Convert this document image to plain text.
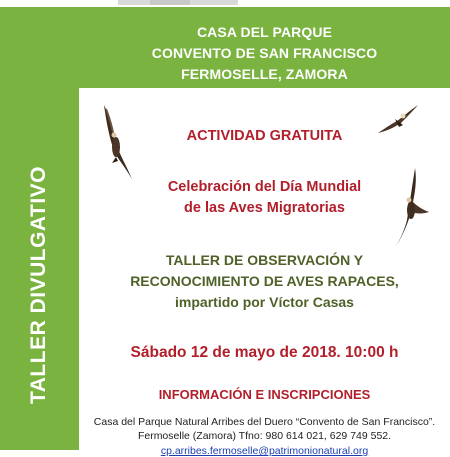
TALLER DIVULGATIVO
CASA DEL PARQUE
CONVENTO DE SAN FRANCISCO
FERMOSELLE, ZAMORA
ACTIVIDAD GRATUITA
Celebración del Día Mundial
de las Aves Migratorias
TALLER DE OBSERVACIÓN Y
RECONOCIMIENTO DE AVES RAPACES,
impartido por Víctor Casas
Sábado 12 de mayo de 2018. 10:00 h
INFORMACIÓN E INSCRIPCIONES
Casa del Parque Natural Arribes del Duero “Convento de San Francisco”.
Fermoselle (Zamora) Tfno: 980 614 021, 629 749 552.
cp.arribes.fermoselle@patrimonionatural.org
